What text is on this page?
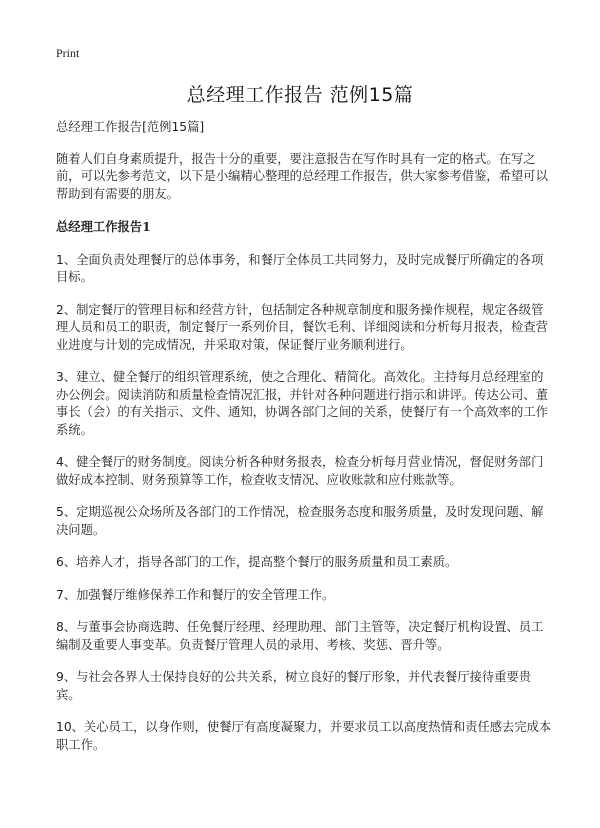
Print
总经理工作报告 范例15篇

总经理工作报告[范例15篇]

随着人们自身素质提升，报告十分的重要，要注意报告在写作时具有一定的格式。在写之前，可以先参考范文，以下是小编精心整理的总经理工作报告，供大家参考借鉴，希望可以帮助到有需要的朋友。

总经理工作报告1

1、全面负责处理餐厅的总体事务，和餐厅全体员工共同努力，及时完成餐厅所确定的各项目标。

2、制定餐厅的管理目标和经营方针，包括制定各种规章制度和服务操作规程，规定各级管理人员和员工的职责，制定餐厅一系列价目，餐饮毛利、详细阅读和分析每月报表，检查营业进度与计划的完成情况，并采取对策，保证餐厅业务顺利进行。

3、建立、健全餐厅的组织管理系统，使之合理化、精简化。高效化。主持每月总经理室的办公例会。阅读消防和质量检查情况汇报，并针对各种问题进行指示和讲评。传达公司、董事长（会）的有关指示、文件、通知，协调各部门之间的关系，使餐厅有一个高效率的工作系统。

4、健全餐厅的财务制度。阅读分析各种财务报表，检查分析每月营业情况，督促财务部门做好成本控制、财务预算等工作，检查收支情况、应收账款和应付账款等。

5、定期巡视公众场所及各部门的工作情况，检查服务态度和服务质量，及时发现问题、解决问题。

6、培养人才，指导各部门的工作，提高整个餐厅的服务质量和员工素质。

7、加强餐厅维修保养工作和餐厅的安全管理工作。

8、与董事会协商选聘、任免餐厅经理、经理助理、部门主管等，决定餐厅机构设置、员工编制及重要人事变革。负责餐厅管理人员的录用、考核、奖惩、晋升等。

9、与社会各界人士保持良好的公共关系，树立良好的餐厅形象，并代表餐厅接待重要贵宾。

10、关心员工，以身作则，使餐厅有高度凝聚力，并要求员工以高度热情和责任感去完成本职工作。
